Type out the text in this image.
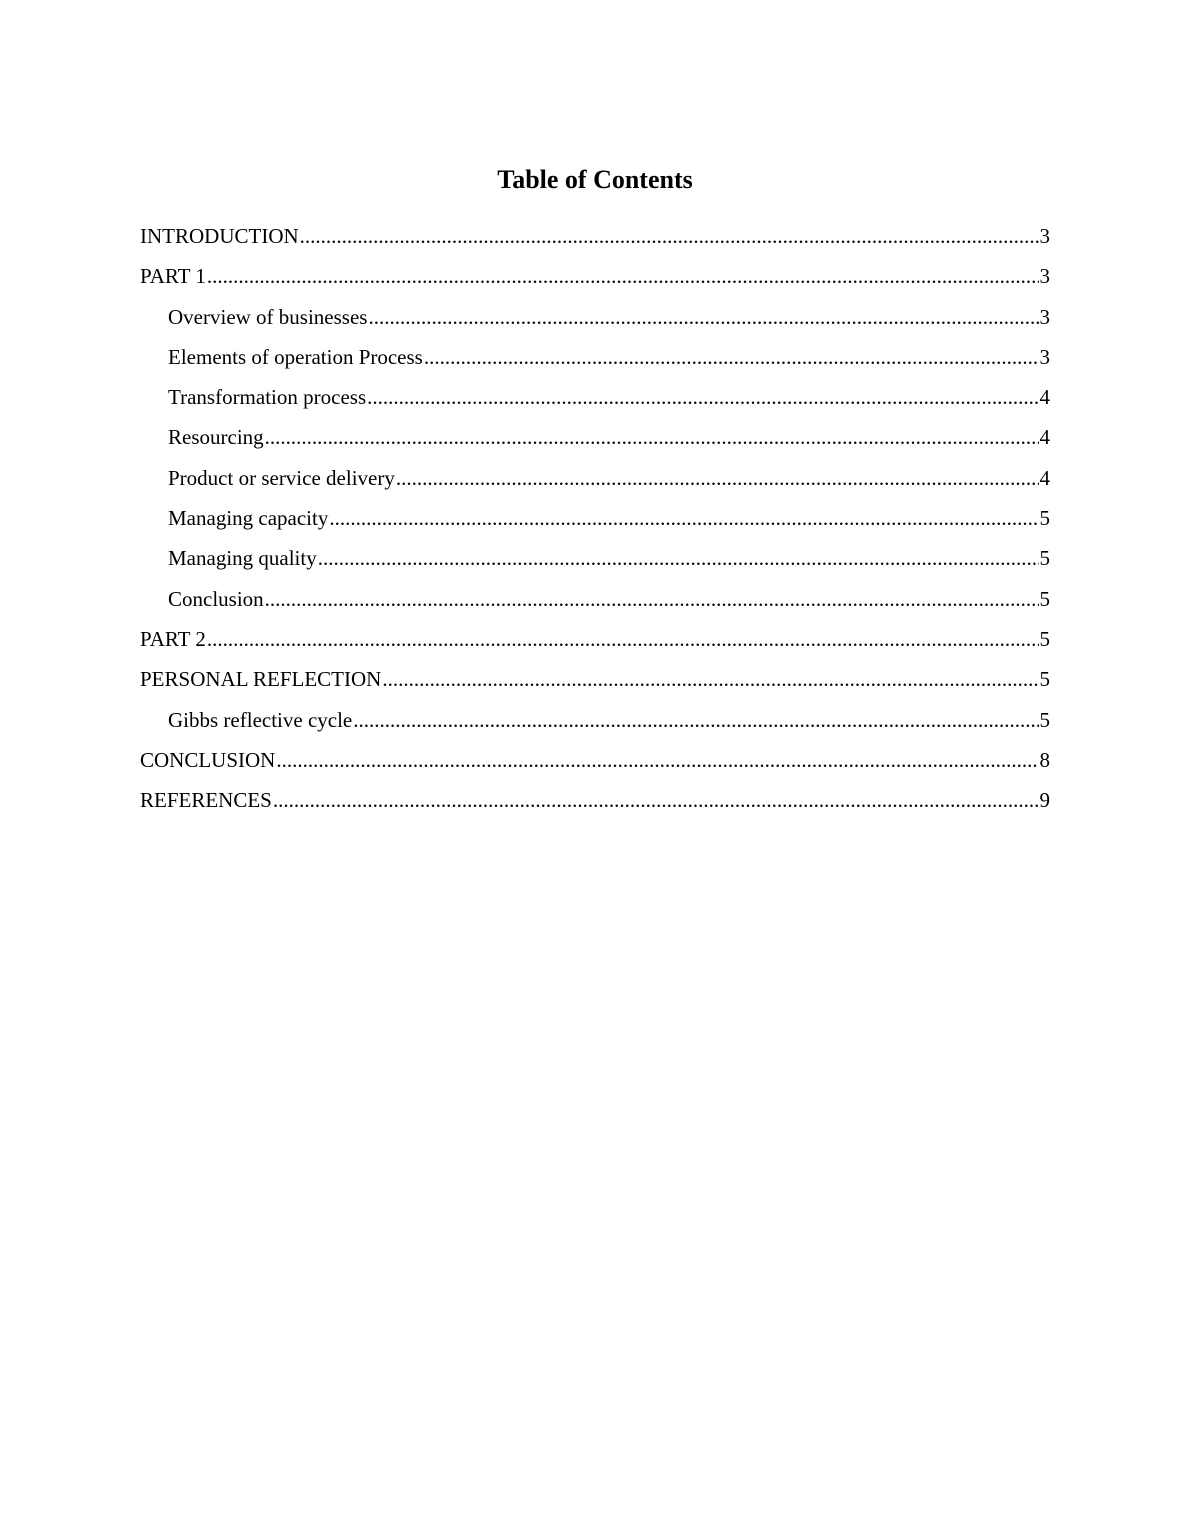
Table of Contents
INTRODUCTION .....	3
PART 1 .....	3
Overview of businesses .....	3
Elements of operation Process .....	3
Transformation process .....	4
Resourcing .....	4
Product or service delivery .....	4
Managing capacity .....	5
Managing quality .....	5
Conclusion .....	5
PART 2 .....	5
PERSONAL REFLECTION .....	5
Gibbs reflective cycle .....	5
CONCLUSION .....	8
REFERENCES .....	9
